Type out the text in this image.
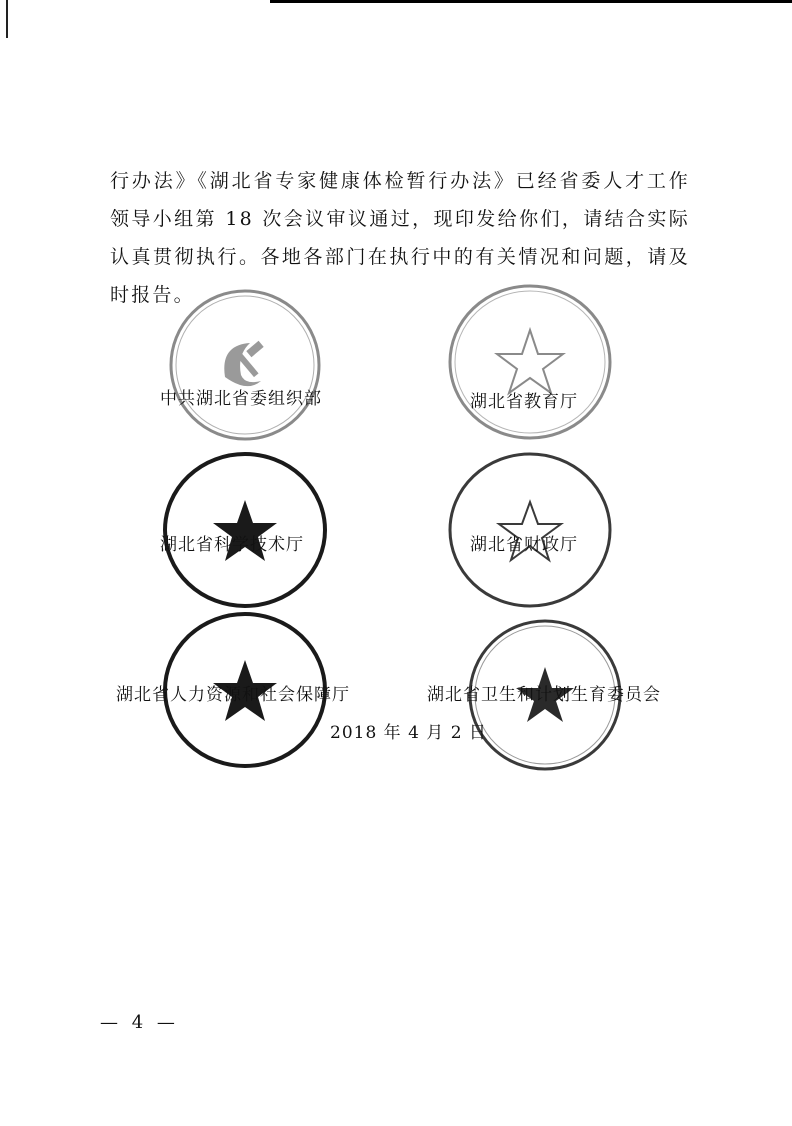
行办法》《湖北省专家健康体检暂行办法》已经省委人才工作领导小组第 18 次会议审议通过，现印发给你们，请结合实际认真贯彻执行。各地各部门在执行中的有关情况和问题，请及时报告。
中共湖北省委组织部	湖北省教育厅
湖北省科学技术厅	湖北省财政厅
湖北省人力资源和社会保障厅	湖北省卫生和计划生育委员会
2018 年 4 月 2 日
— 4 —
